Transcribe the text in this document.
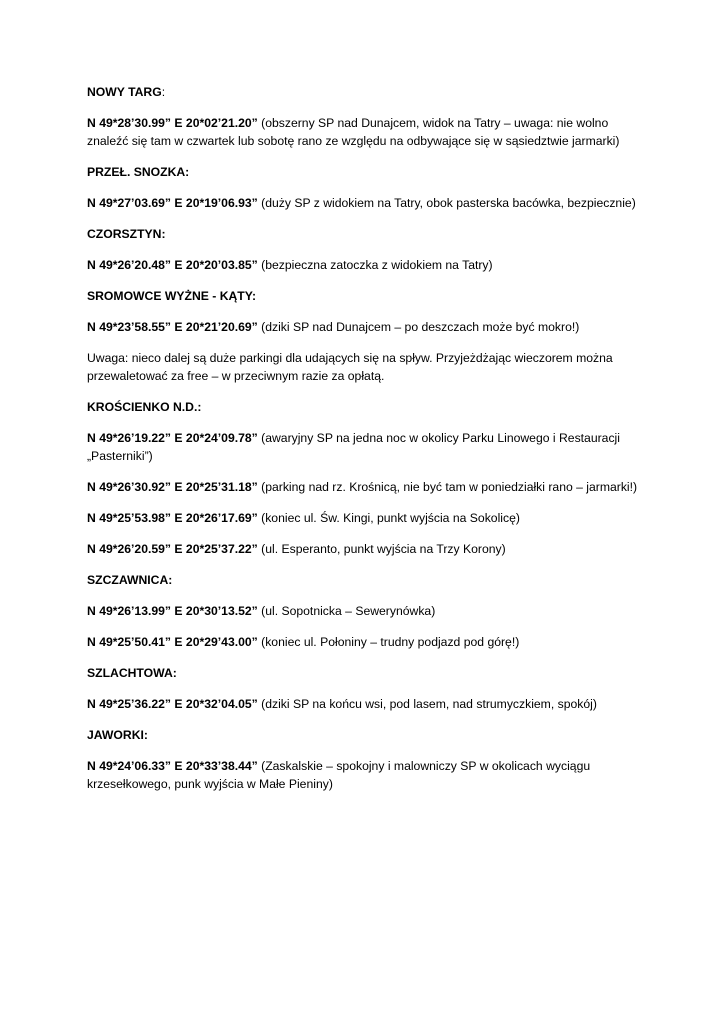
NOWY TARG:
N 49*28’30.99” E 20*02’21.20” (obszerny SP nad Dunajcem, widok na Tatry – uwaga: nie wolno znaleźć się tam w czwartek lub sobotę rano ze względu na odbywające się w sąsiedztwie jarmarki)
PRZEŁ. SNOZKA:
N 49*27’03.69” E 20*19’06.93” (duży SP z widokiem na Tatry, obok pasterska bacówka, bezpiecznie)
CZORSZTYN:
N 49*26’20.48” E 20*20’03.85” (bezpieczna zatoczka z widokiem na Tatry)
SROMOWCE WYŻNE - KĄTY:
N 49*23’58.55” E 20*21’20.69” (dziki SP nad Dunajcem – po deszczach może być mokro!)
Uwaga: nieco dalej są duże parkingi dla udających się na spływ. Przyjeżdżając wieczorem można przewaletować za free – w przeciwnym razie za opłatą.
KROŚCIENKO N.D.:
N 49*26’19.22” E 20*24’09.78” (awaryjny SP na jedna noc w okolicy Parku Linowego i Restauracji „Pasterniki”)
N 49*26’30.92” E 20*25’31.18” (parking nad rz. Krośnicą, nie być tam w poniedziałki rano – jarmarki!)
N 49*25’53.98” E 20*26’17.69” (koniec ul. Św. Kingi, punkt wyjścia na Sokolicę)
N 49*26’20.59” E 20*25’37.22” (ul. Esperanto, punkt wyjścia na Trzy Korony)
SZCZAWNICA:
N 49*26’13.99” E 20*30’13.52” (ul. Sopotnicka – Sewerynówka)
N 49*25’50.41” E 20*29’43.00” (koniec ul. Połoniny – trudny podjazd pod górę!)
SZLACHTOWA:
N 49*25’36.22” E 20*32’04.05” (dziki SP na końcu wsi, pod lasem, nad strumyczkiem, spokój)
JAWORKI:
N 49*24’06.33” E 20*33’38.44” (Zaskalskie – spokojny i malowniczy SP w okolicach wyciągu krzesełkowego, punk wyjścia w Małe Pieniny)
